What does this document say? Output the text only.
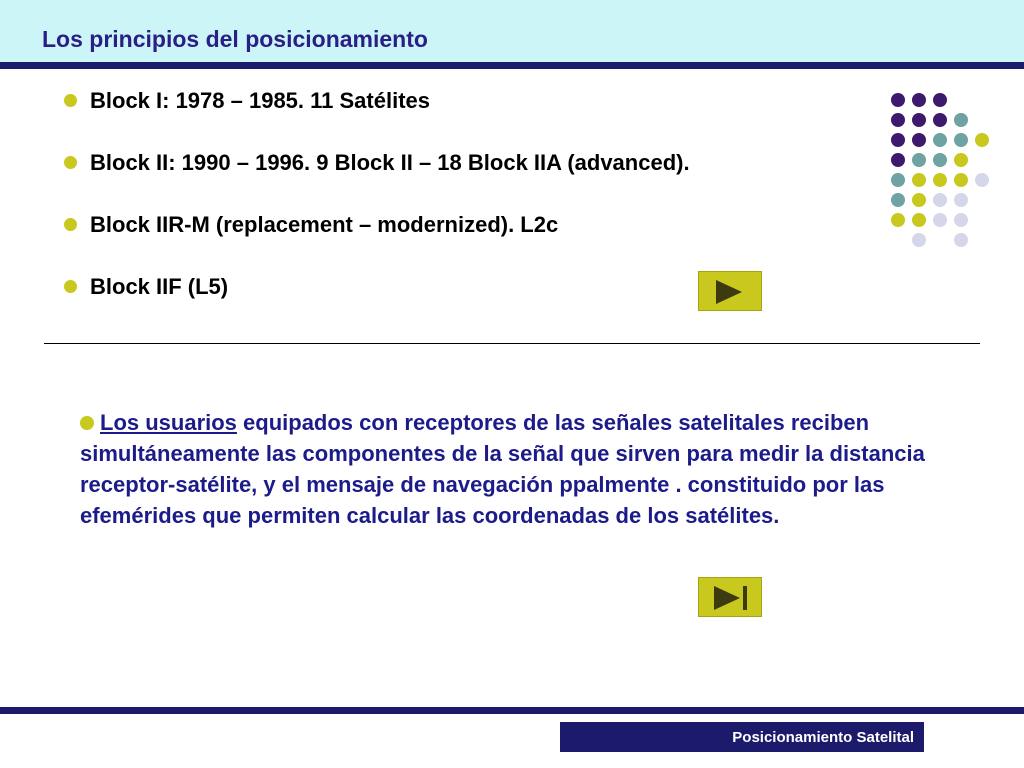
Los principios del posicionamiento
Block I: 1978 – 1985. 11 Satélites
Block II: 1990 – 1996. 9 Block II – 18 Block IIA (advanced).
Block IIR-M (replacement – modernized). L2c
Block IIF (L5)
Los usuarios equipados con receptores de las señales satelitales reciben simultáneamente las componentes de la señal que sirven para medir la distancia receptor-satélite, y el mensaje de navegación ppalmente . constituido por las efemérides que permiten calcular las coordenadas de los satélites.
Posicionamiento Satelital
